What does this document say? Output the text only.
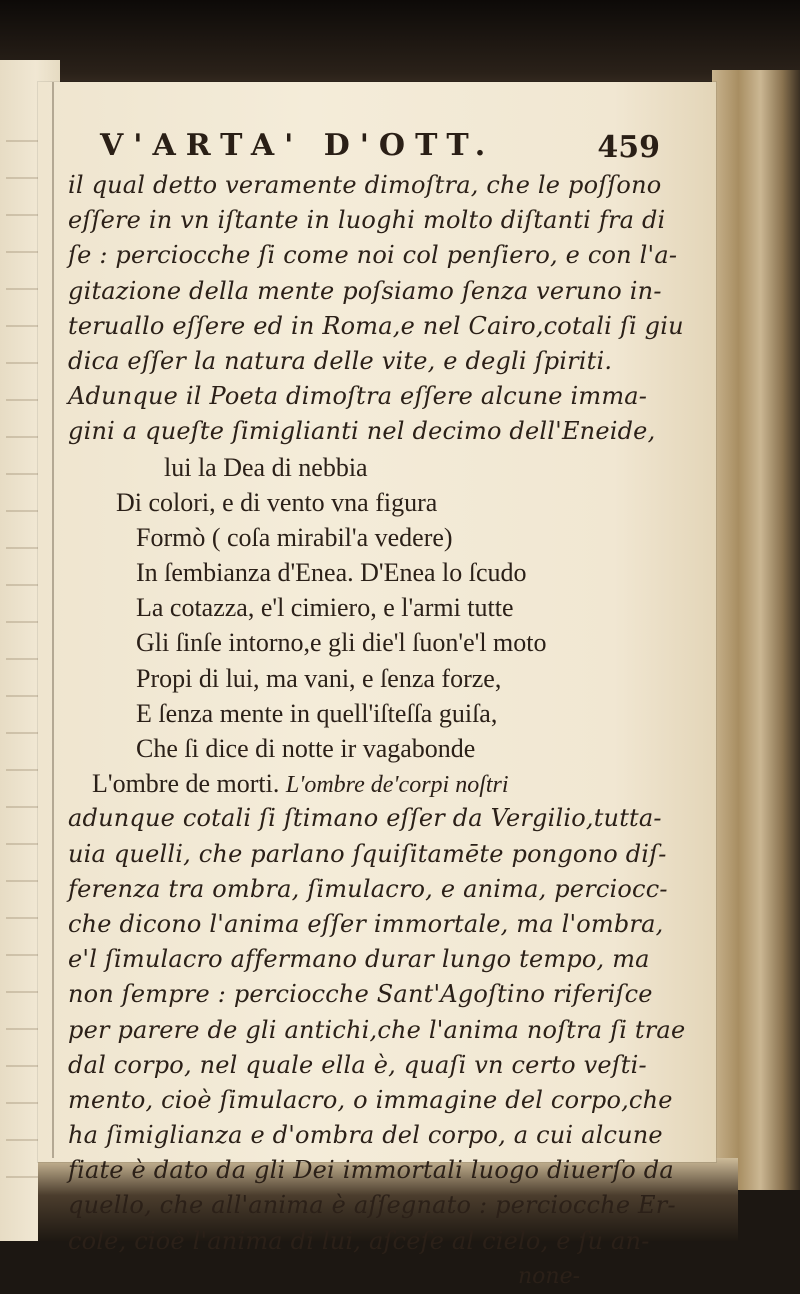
V'ARTA' D'OTT.	459
il qual detto veramente dimoſtra, che le poſſono
eſſere in vn iſtante in luoghi molto diſtanti fra di
ſe : perciocche ſi come noi col penſiero, e con l'a-
gitazione della mente poſsiamo ſenza veruno in-
teruallo eſſere ed in Roma,e nel Cairo,cotali ſi giu
dica eſſer la natura delle vite, e degli ſpiriti.
Adunque il Poeta dimoſtra eſſere alcune imma-
gini a queſte ſimiglianti nel decimo dell'Eneide,
lui la Dea di nebbia
Di colori, e di vento vna figura
Formò ( coſa mirabil'a vedere)
In ſembianza d'Enea. D'Enea lo ſcudo
La cotazza, e'l cimiero, e l'armi tutte
Gli ſinſe intorno,e gli die'l ſuon'e'l moto
Propi di lui, ma vani, e ſenza forze,
E ſenza mente in quell'iſteſſa guiſa,
Che ſi dice di notte ir vagabonde
L'ombre de morti. L'ombre de'corpi noſtri
adunque cotali ſi ſtimano eſſer da Vergilio,tutta-
uia quelli, che parlano ſquiſitamēte pongono diſ-
ferenza tra ombra, ſimulacro, e anima, perciocc-
che dicono l'anima eſſer immortale, ma l'ombra,
e'l ſimulacro affermano durar lungo tempo, ma
non ſempre : perciocche Sant'Agoſtino riferiſce
per parere de gli antichi,che l'anima noſtra ſi trae
dal corpo, nel quale ella è, quaſi vn certo veſti-
mento, cioè ſimulacro, o immagine del corpo,che
ha ſimiglianza e d'ombra del corpo, a cui alcune
fiate è dato da gli Dei immortali luogo diuerſo da
quello, che all'anima è aſſegnato : perciocche Er-
cole, cioè l'anima di lui, aſceſe al cielo, e ſu an-
none-
